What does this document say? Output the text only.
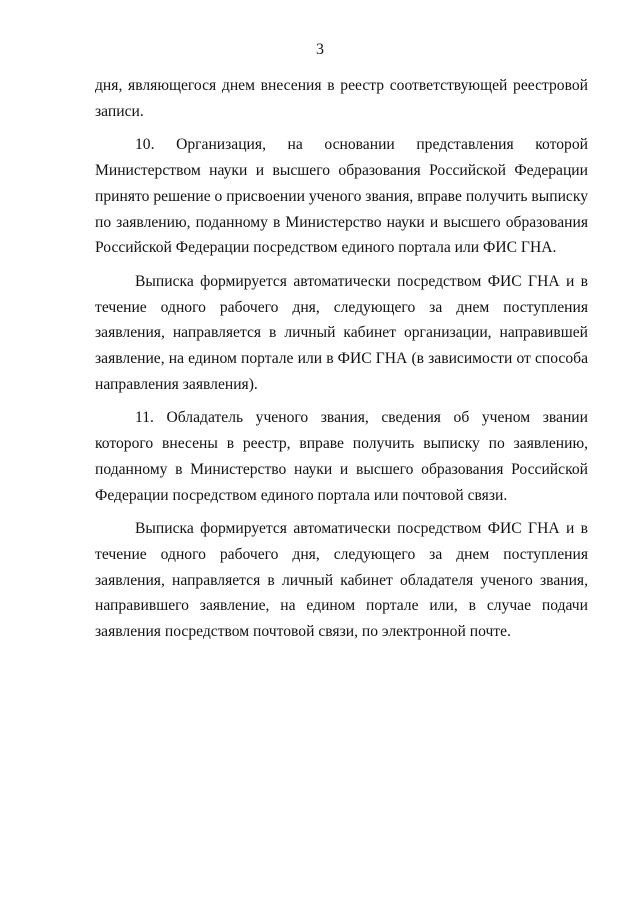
3

дня, являющегося днем внесения в реестр соответствующей реестровой записи.

10. Организация, на основании представления которой Министерством науки и высшего образования Российской Федерации принято решение о присвоении ученого звания, вправе получить выписку по заявлению, поданному в Министерство науки и высшего образования Российской Федерации посредством единого портала или ФИС ГНА.

Выписка формируется автоматически посредством ФИС ГНА и в течение одного рабочего дня, следующего за днем поступления заявления, направляется в личный кабинет организации, направившей заявление, на едином портале или в ФИС ГНА (в зависимости от способа направления заявления).

11. Обладатель ученого звания, сведения об ученом звании которого внесены в реестр, вправе получить выписку по заявлению, поданному в Министерство науки и высшего образования Российской Федерации посредством единого портала или почтовой связи.

Выписка формируется автоматически посредством ФИС ГНА и в течение одного рабочего дня, следующего за днем поступления заявления, направляется в личный кабинет обладателя ученого звания, направившего заявление, на едином портале или, в случае подачи заявления посредством почтовой связи, по электронной почте.
